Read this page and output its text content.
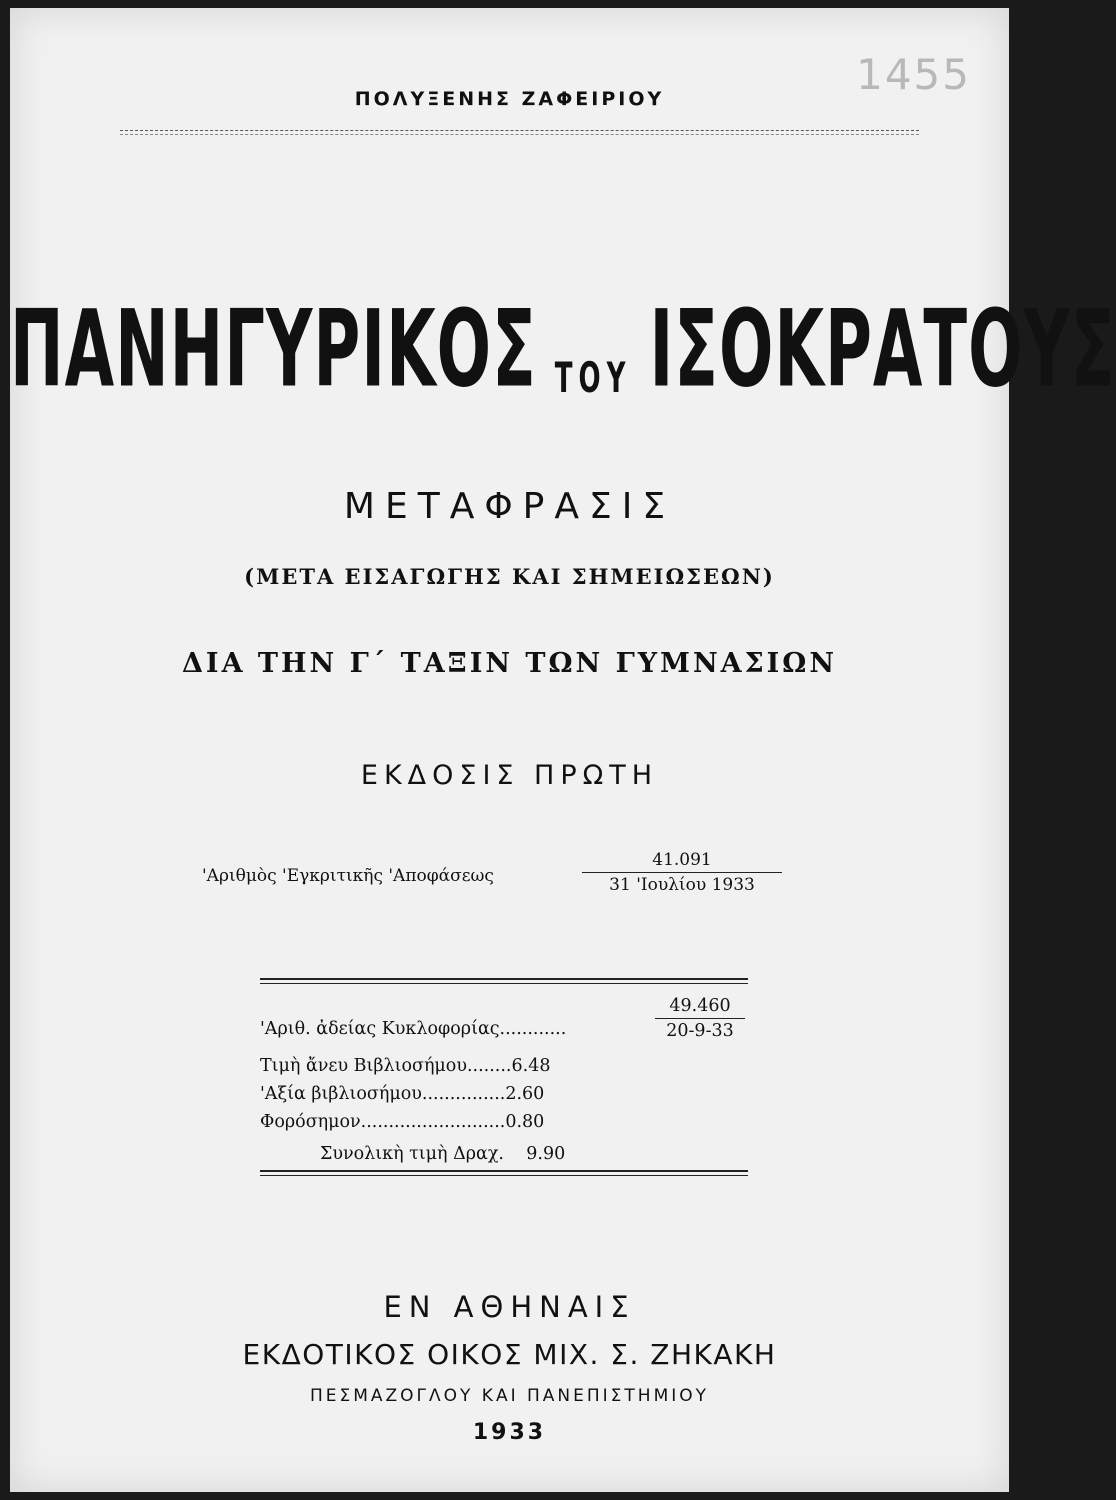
1455
ΠΟΛΥΞΕΝΗΣ ΖΑΦΕΙΡΙΟΥ
ΠΑΝΗΓΥΡΙΚΟΣ ΤΟΥ ΙΣΟΚΡΑΤΟΥΣ
ΜΕΤΑΦΡΑΣΙΣ
(ΜΕΤΑ ΕΙΣΑΓΩΓΗΣ ΚΑΙ ΣΗΜΕΙΩΣΕΩΝ)
ΔΙΑ ΤΗΝ Γ΄ ΤΑΞΙΝ ΤΩΝ ΓΥΜΝΑΣΙΩΝ
ΕΚΔΟΣΙΣ ΠΡΩΤΗ
'Αριθμὸς 'Εγκριτικῆς 'Αποφάσεως
41.091
31 'Ιουλίου 1933
'Αριθ. ἀδείας Κυκλοφορίας............	$\frac{49.460}{20-9-33}$
Τιμὴ ἄνευ Βιβλιοσήμου........6.48
'Αξία βιβλιοσήμου...............2.60
Φορόσημον..........................0.80
Συνολικὴ τιμὴ Δραχ. 9.90
ΕΝ ΑΘΗΝΑΙΣ
ΕΚΔΟΤΙΚΟΣ ΟΙΚΟΣ ΜΙΧ. Σ. ΖΗΚΑΚΗ
ΠΕΣΜΑΖΟΓΛΟΥ ΚΑΙ ΠΑΝΕΠΙΣΤΗΜΙΟΥ
1933
